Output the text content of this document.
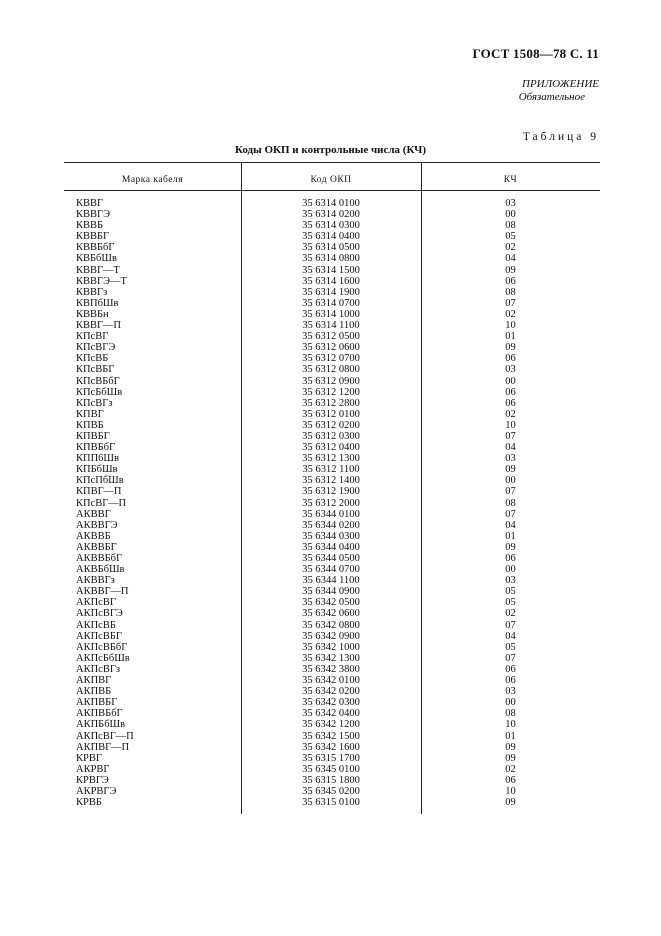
ГОСТ 1508—78 С. 11
ПРИЛОЖЕНИЕ
Обязательное
Таблица 9
Коды ОКП и контрольные числа (КЧ)
Марка кабеля	Код ОКП	КЧ
КВВГ	35 6314 0100	03
КВВГЭ	35 6314 0200	00
КВВБ	35 6314 0300	08
КВВБГ	35 6314 0400	05
КВВБбГ	35 6314 0500	02
КВБбШв	35 6314 0800	04
КВВГ—Т	35 6314 1500	09
КВВГЭ—Т	35 6314 1600	06
КВВГз	35 6314 1900	08
КВПбШв	35 6314 0700	07
КВВБн	35 6314 1000	02
КВВГ—П	35 6314 1100	10
КПсВГ	35 6312 0500	01
КПсВГЭ	35 6312 0600	09
КПсВБ	35 6312 0700	06
КПсВБГ	35 6312 0800	03
КПсВБбГ	35 6312 0900	00
КПсБбШв	35 6312 1200	06
КПсВГз	35 6312 2800	06
КПВГ	35 6312 0100	02
КПВБ	35 6312 0200	10
КПВБГ	35 6312 0300	07
КПВБбГ	35 6312 0400	04
КПП6Шв	35 6312 1300	03
КПБбШв	35 6312 1100	09
КПсПбШв	35 6312 1400	00
КПВГ—П	35 6312 1900	07
КПсВГ—П	35 6312 2000	08
АКВВГ	35 6344 0100	07
АКВВГЭ	35 6344 0200	04
АКВВБ	35 6344 0300	01
АКВВБГ	35 6344 0400	09
АКВВБбГ	35 6344 0500	06
АКВБбШв	35 6344 0700	00
АКВВГз	35 6344 1100	03
АКВВГ—П	35 6344 0900	05
АКПсВГ	35 6342 0500	05
АКПсВГЭ	35 6342 0600	02
АКПсВБ	35 6342 0800	07
АКПсВБГ	35 6342 0900	04
АКПсВБбГ	35 6342 1000	05
АКПсБбШв	35 6342 1300	07
АКПсВГз	35 6342 3800	06
АКПВГ	35 6342 0100	06
АКПВБ	35 6342 0200	03
АКПВБГ	35 6342 0300	00
АКПВБбГ	35 6342 0400	08
АКПБбШв	35 6342 1200	10
АКПсВГ—П	35 6342 1500	01
АКПВГ—П	35 6342 1600	09
КРВГ	35 6315 1700	09
АКРВГ	35 6345 0100	02
КРВГЭ	35 6315 1800	06
АКРВГЭ	35 6345 0200	10
КРВБ	35 6315 0100	09
